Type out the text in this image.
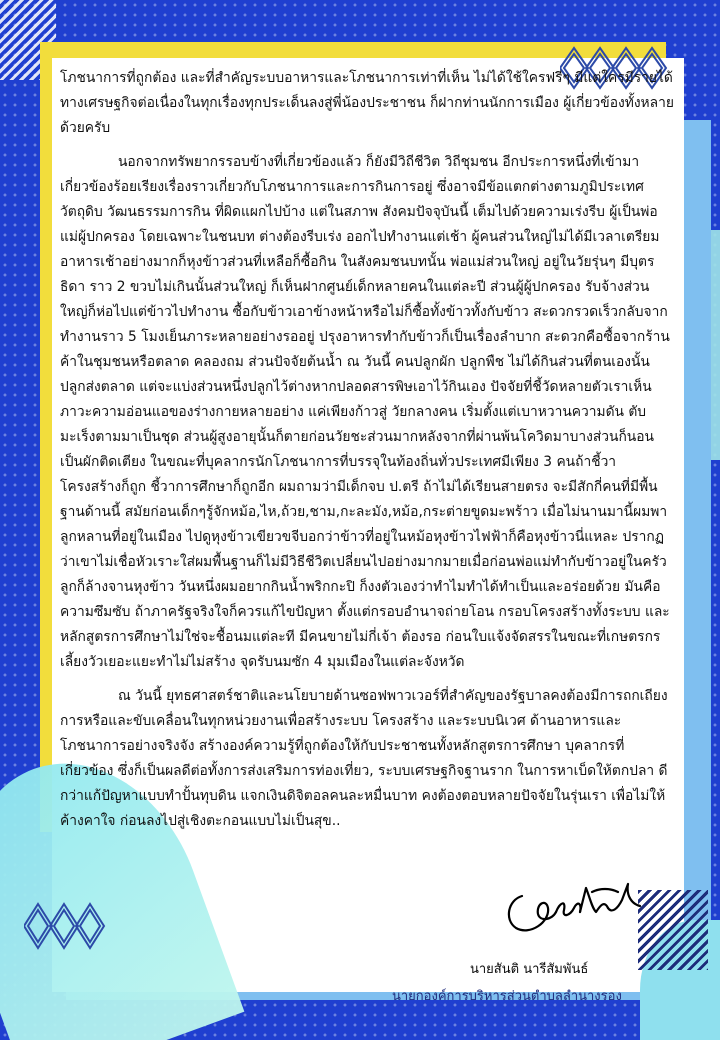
โภชนาการที่ถูกต้อง และที่สำคัญระบบอาหารและโภชนาการเท่าที่เห็น ไม่ได้ใช้ใครฟรีๆ มีแต่ใครมีรายได้ทางเศรษฐกิจต่อเนื่องในทุกเรื่องทุกประเด็นลงสู่พี่น้องประชาชน ก็ฝากท่านนักการเมือง ผู้เกี่ยวข้องทั้งหลายด้วยครับ

นอกจากทรัพยากรรอบข้างที่เกี่ยวข้องแล้ว ก็ยังมีวิถีชีวิต วิถีชุมชน อีกประการหนึ่งที่เข้ามาเกี่ยวข้องร้อยเรียงเรื่องราวเกี่ยวกับโภชนาการและการกินการอยู่ ซึ่งอาจมีข้อแตกต่างตามภูมิประเทศ วัตถุดิบ วัฒนธรรมการกิน ที่ผิดแผกไปบ้าง แต่ในสภาพ สังคมปัจจุบันนี้ เต็มไปด้วยความเร่งรีบ ผู้เป็นพ่อแม่ผู้ปกครอง โดยเฉพาะในชนบท ต่างต้องรีบเร่ง ออกไปทำงานแต่เช้า ผู้คนส่วนใหญ่ไม่ได้มีเวลาเตรียมอาหารเช้าอย่างมากก็หุงข้าวส่วนที่เหลือก็ซื้อกิน ในสังคมชนบทนั้น พ่อแม่ส่วนใหญ่ อยู่ในวัยรุ่นๆ มีบุตรธิดา ราว 2 ขวบไม่เกินนั้นส่วนใหญ่ ก็เห็นฝากศูนย์เด็กหลายคนในแต่ละปี ส่วนผู้ผู้ปกครอง รับจ้างส่วนใหญ่ก็ห่อไปแต่ข้าวไปทำงาน ซื้อกับข้าวเอาข้างหน้าหรือไม่ก็ซื้อทั้งข้าวทั้งกับข้าว สะดวกรวดเร็วกลับจากทำงานราว 5 โมงเย็นภาระหลายอย่างรออยู่ ปรุงอาหารทำกับข้าวก็เป็นเรื่องลำบาก สะดวกคือซื้อจากร้านค้าในชุมชนหรือตลาด คลองถม ส่วนปัจจัยต้นน้ำ ณ วันนี้ คนปลูกผัก ปลูกพืช ไม่ได้กินส่วนที่ตนเองนั้นปลูกส่งตลาด แต่จะแบ่งส่วนหนึ่งปลูกไว้ต่างหากปลอดสารพิษเอาไว้กินเอง ปัจจัยที่ชี้วัดหลายตัวเราเห็นภาวะความอ่อนแอของร่างกายหลายอย่าง แค่เพียงก้าวสู่ วัยกลางคน เริ่มตั้งแต่เบาหวานความดัน ตับมะเร็งตามมาเป็นชุด ส่วนผู้สูงอายุนั้นก็ตายก่อนวัยชะส่วนมากหลังจากที่ผ่านพ้นโควิดมาบางส่วนก็นอนเป็นผักติดเตียง ในขณะที่บุคลากรนักโภชนาการที่บรรจุในท้องถิ่นทั่วประเทศมีเพียง 3 คนถ้าชี้วาโครงสร้างก็ถูก ชี้วาการศึกษาก็ถูกอีก ผมถามว่ามีเด็กจบ ป.ตรี ถ้าไม่ได้เรียนสายตรง จะมีสักกี่คนที่มีพื้นฐานด้านนี้ สมัยก่อนเด็กๆรู้จักหม้อ,ไห,ถ้วย,ชาม,กะละมัง,หม้อ,กระต่ายขูดมะพร้าว เมื่อไม่นานมานี้ผมพาลูกหลานที่อยู่ในเมือง ไปดูหุงข้าวเขียวขจีบอกว่าข้าวที่อยู่ในหม้อหุงข้าวไฟฟ้าก็คือหุงข้าวนี่แหละ ปรากฏว่าเขาไม่เชื่อหัวเราะใส่ผมพื้นฐานก็ไม่มีวิธีชีวิตเปลี่ยนไปอย่างมากมายเมื่อก่อนพ่อแม่ทำกับข้าวอยู่ในครัว ลูกก็ล้างจานหุงข้าว วันหนึ่งผมอยากกินน้ำพริกกะปิ ก็งงตัวเองว่าทำไมทำได้ทำเป็นและอร่อยด้วย มันคือความซึมซับ ถ้าภาครัฐจริงใจก็ควรแก้ไขปัญหา ตั้งแต่กรอบอำนาจถ่ายโอน กรอบโครงสร้างทั้งระบบ และหลักสูตรการศึกษาไม่ใช่จะชื้อนมแต่ละที มีคนขายไม่กี่เจ้า ต้องรอ ก่อนใบแจ้งจัดสรรในขณะที่เกษตรกรเลี้ยงวัวเยอะแยะทำไม่ไม่สร้าง จุดรับนมซัก 4 มุมเมืองในแต่ละจังหวัด

ณ วันนี้ ยุทธศาสตร์ชาติและนโยบายด้านซอฟพาวเวอร์ที่สำคัญของรัฐบาลคงต้องมีการถกเถียงการหรือและขับเคลื่อนในทุกหน่วยงานเพื่อสร้างระบบ โครงสร้าง และระบบนิเวศ ด้านอาหารและโภชนาการอย่างจริงจัง สร้างองค์ความรู้ที่ถูกต้องให้กับประชาชนทั้งหลักสูตรการศึกษา บุคลากรที่เกี่ยวข้อง ซึ่งก็เป็นผลดีต่อทั้งการส่งเสริมการท่องเที่ยว, ระบบเศรษฐกิจฐานราก ในการหาเบ็ดให้ตกปลา ดีกว่าแก้ปัญหาแบบทำปั้นทุบดิน แจกเงินดิจิตอลคนละหมื่นบาท คงต้องตอบหลายปัจจัยในรุ่นเรา เพื่อไม่ให้ค้างคาใจ ก่อนลงไปสู่เชิงตะกอนแบบไม่เป็นสุข..

นายสันติ นารีสัมพันธ์
นายกองค์การบริหารส่วนตำบลลำนางรอง
